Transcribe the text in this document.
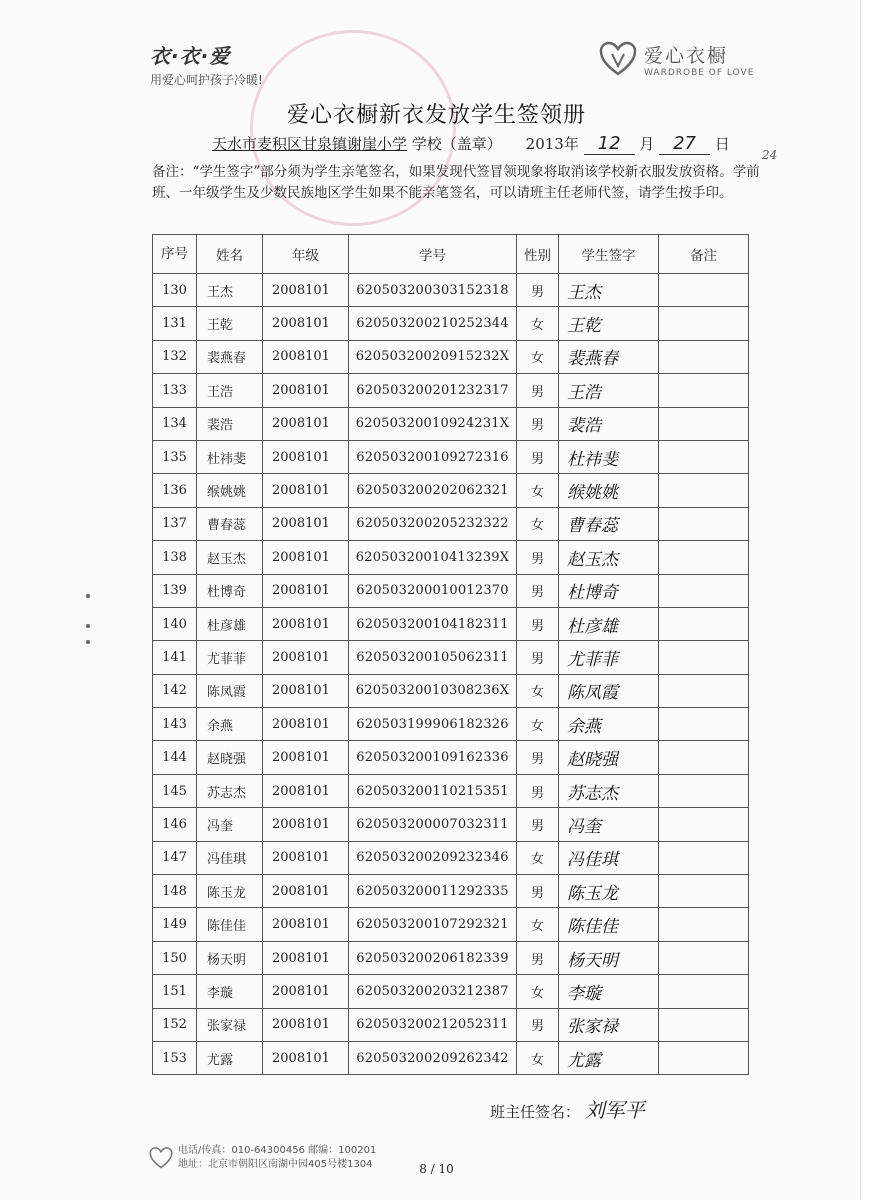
衣·衣·爱
用爱心呵护孩子冷暖!
爱心衣橱
WARDROBE OF LOVE
爱心衣橱新衣发放学生签领册
天水市麦积区甘泉镇谢崖小学 学校（盖章） 2013年 12 月 27 日
24
备注：“学生签字”部分须为学生亲笔签名，如果发现代签冒领现象将取消该学校新衣服发放资格。学前班、一年级学生及少数民族地区学生如果不能亲笔签名，可以请班主任老师代签，请学生按手印。
序号	姓名	年级	学号	性别	学生签字	备注
130	王杰	2008101	620503200303152318	男	王杰	
131	王乾	2008101	620503200210252344	女	王乾	
132	裴燕春	2008101	62050320020915232X	女	裴燕春	
133	王浩	2008101	620503200201232317	男	王浩	
134	裴浩	2008101	62050320010924231X	男	裴浩	
135	杜祎斐	2008101	620503200109272316	男	杜祎斐	
136	缑姚姚	2008101	620503200202062321	女	缑姚姚	
137	曹春蕊	2008101	620503200205232322	女	曹春蕊	
138	赵玉杰	2008101	62050320010413239X	男	赵玉杰	
139	杜博奇	2008101	620503200010012370	男	杜博奇	
140	杜彦雄	2008101	620503200104182311	男	杜彦雄	
141	尤菲菲	2008101	620503200105062311	男	尤菲菲	
142	陈凤霞	2008101	62050320010308236X	女	陈凤霞	
143	余燕	2008101	620503199906182326	女	余燕	
144	赵晓强	2008101	620503200109162336	男	赵晓强	
145	苏志杰	2008101	620503200110215351	男	苏志杰	
146	冯奎	2008101	620503200007032311	男	冯奎	
147	冯佳琪	2008101	620503200209232346	女	冯佳琪	
148	陈玉龙	2008101	620503200011292335	男	陈玉龙	
149	陈佳佳	2008101	620503200107292321	女	陈佳佳	
150	杨天明	2008101	620503200206182339	男	杨天明	
151	李璇	2008101	620503200203212387	女	李璇	
152	张家禄	2008101	620503200212052311	男	张家禄	
153	尤露	2008101	620503200209262342	女	尤露	
班主任签名： 刘军平
电话/传真：010-64300456 邮编：100201
地址：北京市朝阳区南湖中园405号楼1304	8 / 10
